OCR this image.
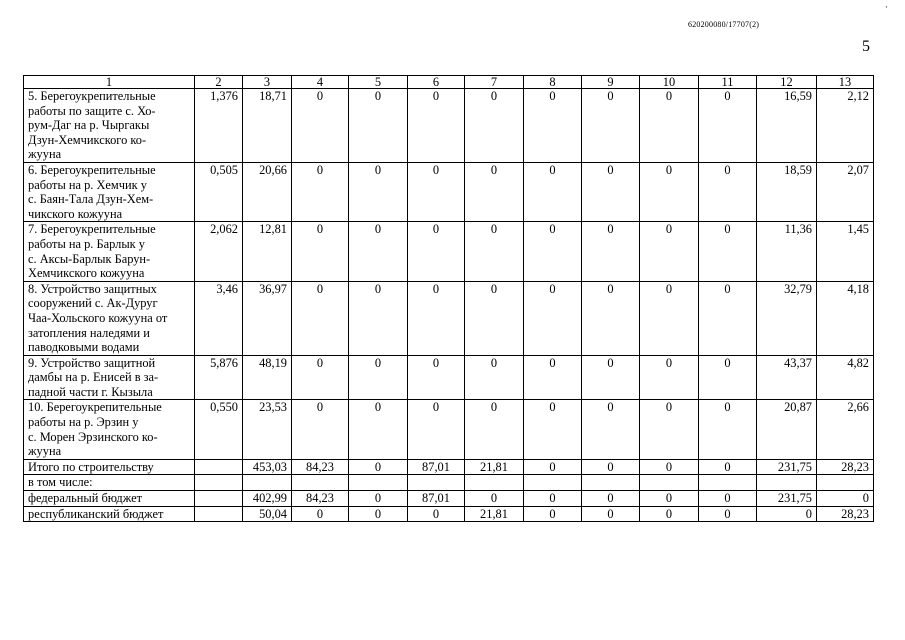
·
620200080/17707(2)
5
1	2	3	4	5	6	7	8	9	10	11	12	13
5. Берегоукрепительные
работы по защите с. Хо-
рум-Даг на р. Чыргакы
Дзун-Хемчикского ко-
жууна	1,376	18,71	0	0	0	0	0	0	0	0	16,59	2,12
6. Берегоукрепительные
работы на р. Хемчик у
с. Баян-Тала Дзун-Хем-
чикского кожууна	0,505	20,66	0	0	0	0	0	0	0	0	18,59	2,07
7. Берегоукрепительные
работы на р. Барлык у
с. Аксы-Барлык Барун-
Хемчикского кожууна	2,062	12,81	0	0	0	0	0	0	0	0	11,36	1,45
8. Устройство защитных
сооружений с. Ак-Дуруг
Чаа-Хольского кожууна от
затопления наледями и
паводковыми водами	3,46	36,97	0	0	0	0	0	0	0	0	32,79	4,18
9. Устройство защитной
дамбы на р. Енисей в за-
падной части г. Кызыла	5,876	48,19	0	0	0	0	0	0	0	0	43,37	4,82
10. Берегоукрепительные
работы на р. Эрзин у
с. Морен Эрзинского ко-
жууна	0,550	23,53	0	0	0	0	0	0	0	0	20,87	2,66
Итого по строительству		453,03	84,23	0	87,01	21,81	0	0	0	0	231,75	28,23
в том числе:												
федеральный бюджет		402,99	84,23	0	87,01	0	0	0	0	0	231,75	0
республиканский бюджет		50,04	0	0	0	21,81	0	0	0	0	0	28,23
